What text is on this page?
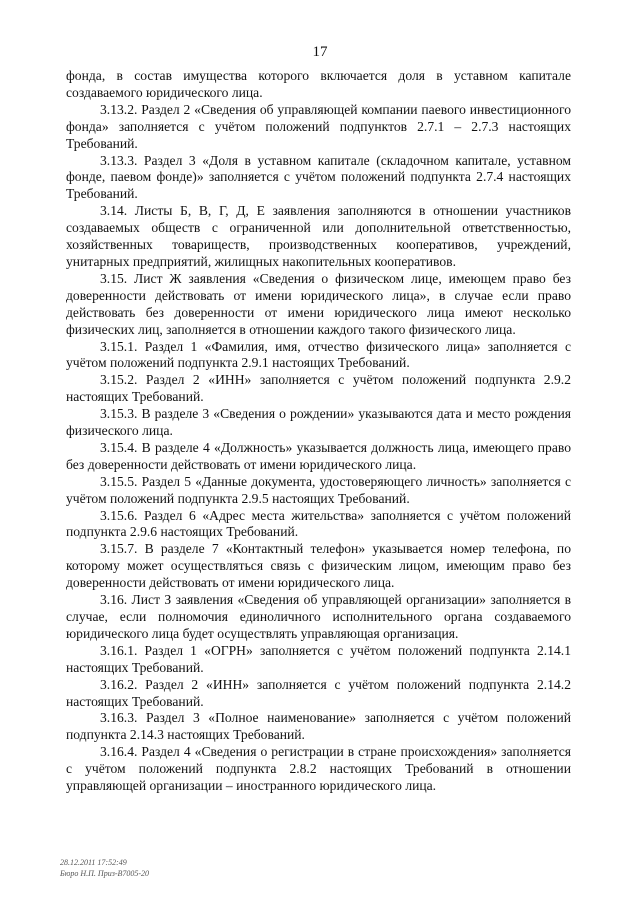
17

фонда, в состав имущества которого включается доля в уставном капитале создаваемого юридического лица.

3.13.2. Раздел 2 «Сведения об управляющей компании паевого инвестиционного фонда» заполняется с учётом положений подпунктов 2.7.1 – 2.7.3 настоящих Требований.

3.13.3. Раздел 3 «Доля в уставном капитале (складочном капитале, уставном фонде, паевом фонде)» заполняется с учётом положений подпункта 2.7.4 настоящих Требований.

3.14. Листы Б, В, Г, Д, Е заявления заполняются в отношении участников создаваемых обществ с ограниченной или дополнительной ответственностью, хозяйственных товариществ, производственных кооперативов, учреждений, унитарных предприятий, жилищных накопительных кооперативов.

3.15. Лист Ж заявления «Сведения о физическом лице, имеющем право без доверенности действовать от имени юридического лица», в случае если право действовать без доверенности от имени юридического лица имеют несколько физических лиц, заполняется в отношении каждого такого физического лица.

3.15.1. Раздел 1 «Фамилия, имя, отчество физического лица» заполняется с учётом положений подпункта 2.9.1 настоящих Требований.

3.15.2. Раздел 2 «ИНН» заполняется с учётом положений подпункта 2.9.2 настоящих Требований.

3.15.3. В разделе 3 «Сведения о рождении» указываются дата и место рождения физического лица.

3.15.4. В разделе 4 «Должность» указывается должность лица, имеющего право без доверенности действовать от имени юридического лица.

3.15.5. Раздел 5 «Данные документа, удостоверяющего личность» заполняется с учётом положений подпункта 2.9.5 настоящих Требований.

3.15.6. Раздел 6 «Адрес места жительства» заполняется с учётом положений подпункта 2.9.6 настоящих Требований.

3.15.7. В разделе 7 «Контактный телефон» указывается номер телефона, по которому может осуществляться связь с физическим лицом, имеющим право без доверенности действовать от имени юридического лица.

3.16. Лист З заявления «Сведения об управляющей организации» заполняется в случае, если полномочия единоличного исполнительного органа создаваемого юридического лица будет осуществлять управляющая организация.

3.16.1. Раздел 1 «ОГРН» заполняется с учётом положений подпункта 2.14.1 настоящих Требований.

3.16.2. Раздел 2 «ИНН» заполняется с учётом положений подпункта 2.14.2 настоящих Требований.

3.16.3. Раздел 3 «Полное наименование» заполняется с учётом положений подпункта 2.14.3 настоящих Требований.

3.16.4. Раздел 4 «Сведения о регистрации в стране происхождения» заполняется с учётом положений подпункта 2.8.2 настоящих Требований в отношении управляющей организации – иностранного юридического лица.

28.12.2011 17:52:49
Бюро Н.П. Приз-В7005-20
